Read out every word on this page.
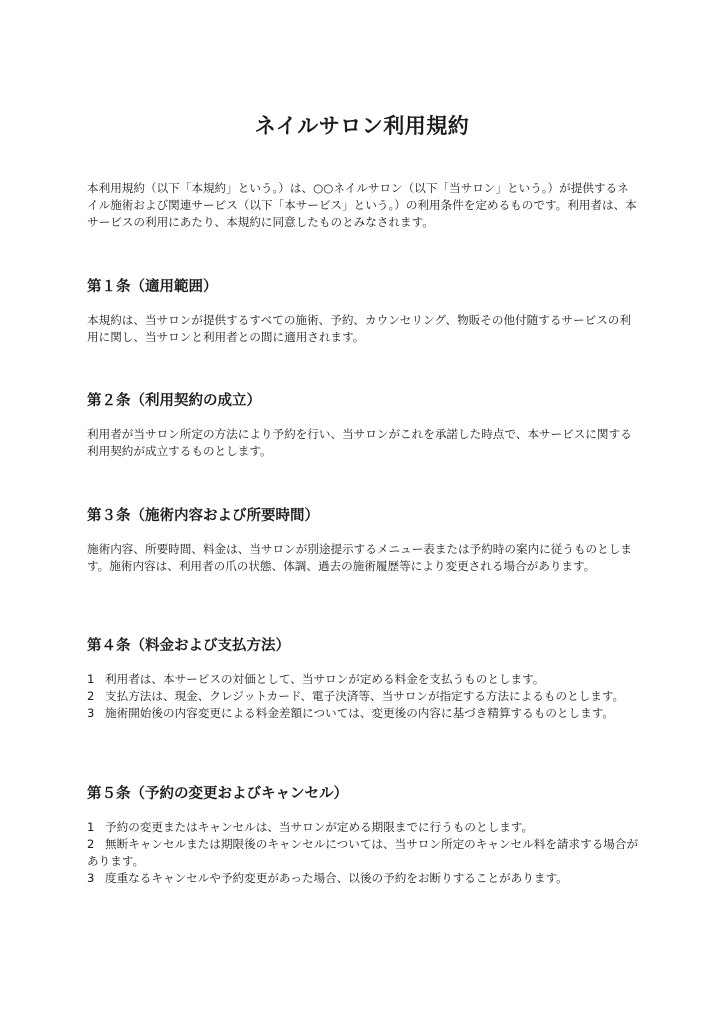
ネイルサロン利用規約

本利用規約（以下「本規約」という。）は、○○ネイルサロン（以下「当サロン」という。）が提供するネイル施術および関連サービス（以下「本サービス」という。）の利用条件を定めるものです。利用者は、本サービスの利用にあたり、本規約に同意したものとみなされます。

第１条（適用範囲）

本規約は、当サロンが提供するすべての施術、予約、カウンセリング、物販その他付随するサービスの利用に関し、当サロンと利用者との間に適用されます。

第２条（利用契約の成立）

利用者が当サロン所定の方法により予約を行い、当サロンがこれを承諾した時点で、本サービスに関する利用契約が成立するものとします。

第３条（施術内容および所要時間）

施術内容、所要時間、料金は、当サロンが別途提示するメニュー表または予約時の案内に従うものとします。施術内容は、利用者の爪の状態、体調、過去の施術履歴等により変更される場合があります。

第４条（料金および支払方法）
1 利用者は、本サービスの対価として、当サロンが定める料金を支払うものとします。
2 支払方法は、現金、クレジットカード、電子決済等、当サロンが指定する方法によるものとします。
3 施術開始後の内容変更による料金差額については、変更後の内容に基づき精算するものとします。
第５条（予約の変更およびキャンセル）
1 予約の変更またはキャンセルは、当サロンが定める期限までに行うものとします。
2 無断キャンセルまたは期限後のキャンセルについては、当サロン所定のキャンセル料を請求する場合があります。
3 度重なるキャンセルや予約変更があった場合、以後の予約をお断りすることがあります。
